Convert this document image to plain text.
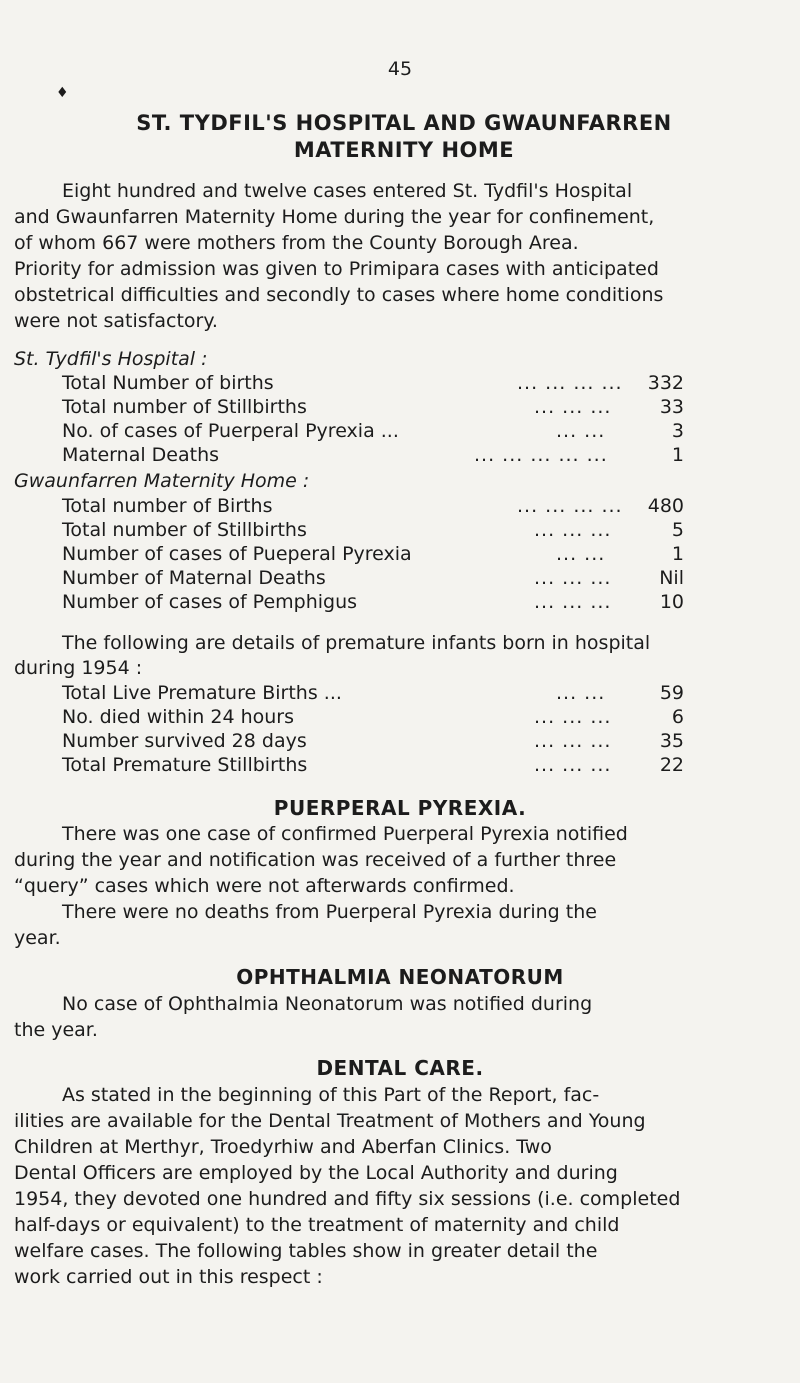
45
♦
ST. TYDFIL'S HOSPITAL AND GWAUNFARREN
MATERNITY HOME
Eight hundred and twelve cases entered St. Tydfil's Hospital
and Gwaunfarren Maternity Home during the year for confinement,
of whom 667 were mothers from the County Borough Area.
Priority for admission was given to Primipara cases with anticipated
obstetrical difficulties and secondly to cases where home conditions
were not satisfactory.
St. Tydfil's Hospital :
Total Number of births	... ... ... ...	332
Total number of Stillbirths	... ... ...	33
No. of cases of Puerperal Pyrexia ...	... ...	3
Maternal Deaths	... ... ... ... ...	1
Gwaunfarren Maternity Home :
Total number of Births	... ... ... ...	480
Total number of Stillbirths	... ... ...	5
Number of cases of Pueperal Pyrexia	... ...	1
Number of Maternal Deaths	... ... ...	Nil
Number of cases of Pemphigus	... ... ...	10
The following are details of premature infants born in hospital
during 1954 :
Total Live Premature Births ...	... ...	59
No. died within 24 hours	... ... ...	6
Number survived 28 days	... ... ...	35
Total Premature Stillbirths	... ... ...	22
PUERPERAL PYREXIA.
There was one case of confirmed Puerperal Pyrexia notified
during the year and notification was received of a further three
“query” cases which were not afterwards confirmed.
There were no deaths from Puerperal Pyrexia during the
year.
OPHTHALMIA NEONATORUM
No case of Ophthalmia Neonatorum was notified during
the year.
DENTAL CARE.
As stated in the beginning of this Part of the Report, fac-
ilities are available for the Dental Treatment of Mothers and Young
Children at Merthyr, Troedyrhiw and Aberfan Clinics. Two
Dental Officers are employed by the Local Authority and during
1954, they devoted one hundred and fifty six sessions (i.e. completed
half-days or equivalent) to the treatment of maternity and child
welfare cases. The following tables show in greater detail the
work carried out in this respect :
